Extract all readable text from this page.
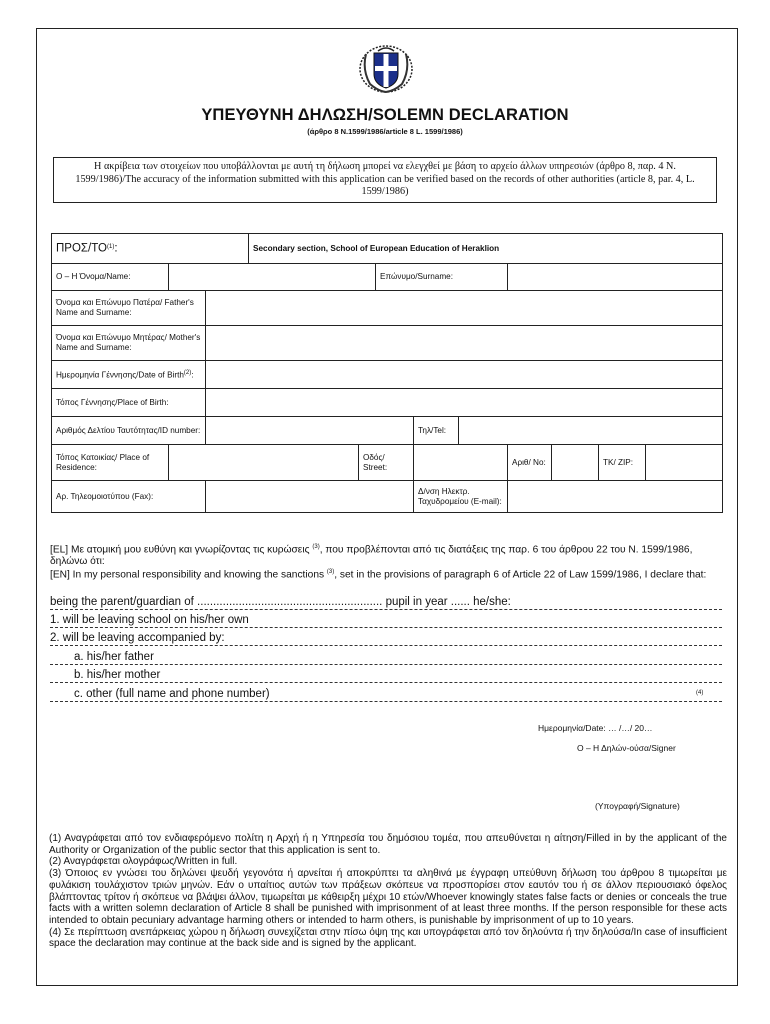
ΥΠΕΥΘΥΝΗ ΔΗΛΩΣΗ/SOLEMN DECLARATION
(άρθρο 8 Ν.1599/1986/article 8 L. 1599/1986)
Η ακρίβεια των στοιχείων που υποβάλλονται με αυτή τη δήλωση μπορεί να ελεγχθεί με βάση το αρχείο άλλων υπηρεσιών (άρθρο 8, παρ. 4 Ν. 1599/1986)/The accuracy of the information submitted with this application can be verified based on the records of other authorities (article 8, par. 4, L. 1599/1986)
ΠΡΟΣ/ΤΟ$^{(1)}$:	Secondary section, School of European Education of Heraklion
Ο – Η Όνομα/Name:		Επώνυμο/Surname:	
Όνομα και Επώνυμο Πατέρα/ Father's Name and Surname:	
Όνομα και Επώνυμο Μητέρας/ Mother's Name and Surname:	
Ημερομηνία Γέννησης/Date of Birth$^{(2)}$:	
Τόπος Γέννησης/Place of Birth:	
Αριθμός Δελτίου Ταυτότητας/ID number:		Τηλ/Tel:	
Τόπος Κατοικίας/ Place of Residence:		Οδός/ Street:		Αριθ/ No:			ΤΚ/ ZIP:	

Αρ. Τηλεομοιοτύπου (Fax):		Δ/νση Ηλεκτρ. Ταχυδρομείου (E-mail):	
[EL] Με ατομική μου ευθύνη και γνωρίζοντας τις κυρώσεις $^{(3)}$, που προβλέπονται από τις διατάξεις της παρ. 6 του άρθρου 22 του Ν. 1599/1986, δηλώνω ότι:
[EN] In my personal responsibility and knowing the sanctions $^{(3)}$, set in the provisions of paragraph 6 of Article 22 of Law 1599/1986, I declare that:
being the parent/guardian of .......................................................... pupil in year ...... he/she:
1. will be leaving school on his/her own
2. will be leaving accompanied by:
a. his/her father
b. his/her mother
c. other (full name and phone number)	(4)
Ημερομηνία/Date: … /…/ 20…
Ο – Η Δηλών-ούσα/Signer
(Υπογραφή/Signature)

(1) Αναγράφεται από τον ενδιαφερόμενο πολίτη η Αρχή ή η Υπηρεσία του δημόσιου τομέα, που απευθύνεται η αίτηση/Filled in by the applicant of the Authority or Organization of the public sector that this application is sent to.

(2) Αναγράφεται ολογράφως/Written in full.

(3) Όποιος εν γνώσει του δηλώνει ψευδή γεγονότα ή αρνείται ή αποκρύπτει τα αληθινά με έγγραφη υπεύθυνη δήλωση του άρθρου 8 τιμωρείται με φυλάκιση τουλάχιστον τριών μηνών. Εάν ο υπαίτιος αυτών των πράξεων σκόπευε να προσπορίσει στον εαυτόν του ή σε άλλον περιουσιακό όφελος βλάπτοντας τρίτον ή σκόπευε να βλάψει άλλον, τιμωρείται με κάθειρξη μέχρι 10 ετών/Whoever knowingly states false facts or denies or conceals the true facts with a written solemn declaration of Article 8 shall be punished with imprisonment of at least three months. If the person responsible for these acts intended to obtain pecuniary advantage harming others or intended to harm others, is punishable by imprisonment of up to 10 years.

(4) Σε περίπτωση ανεπάρκειας χώρου η δήλωση συνεχίζεται στην πίσω όψη της και υπογράφεται από τον δηλούντα ή την δηλούσα/In case of insufficient space the declaration may continue at the back side and is signed by the applicant.
